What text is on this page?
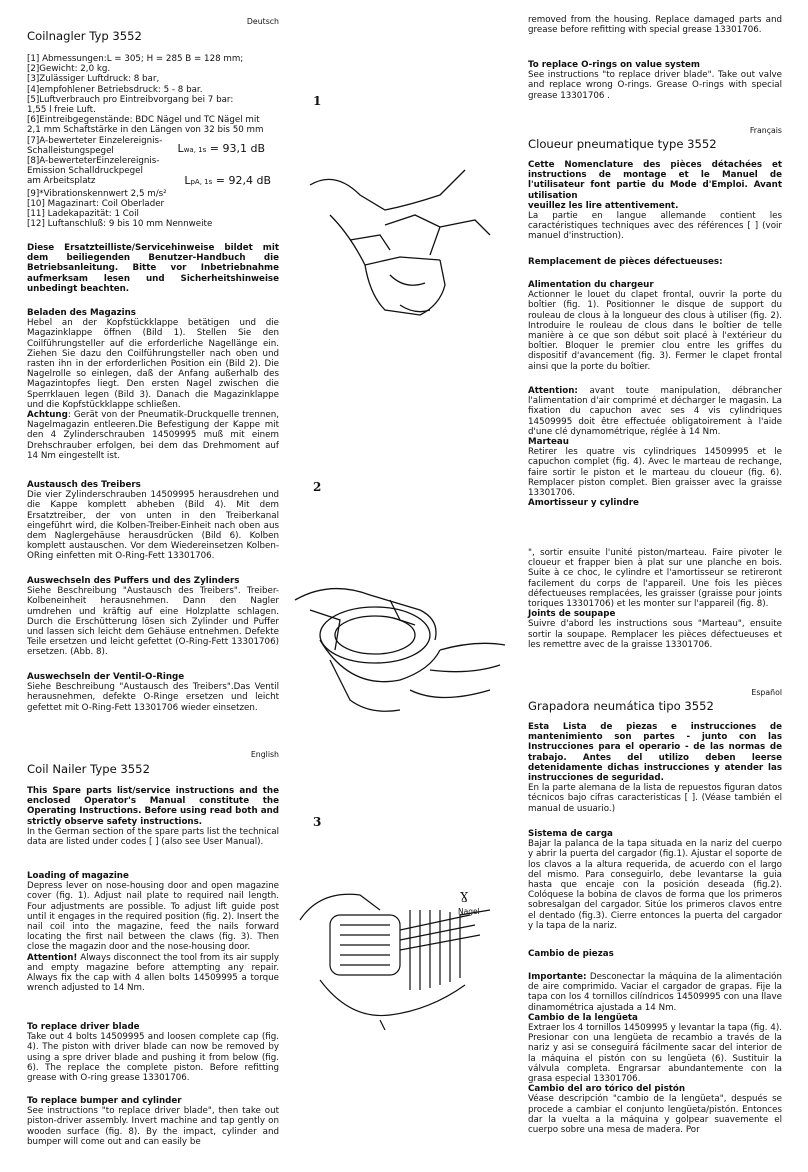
Deutsch

Coilnagler Typ 3552

[1] Abmessungen:L = 305; H = 285 B = 128 mm;
[2]Gewicht: 2,0 kg.
[3]Zulässiger Luftdruck: 8 bar,
[4]empfohlener Betriebsdruck: 5 - 8 bar.
[5]Luftverbrauch pro Eintreibvorgang bei 7 bar:
1,55 l freie Luft.
[6]Eintreibgegenstände: BDC Nägel und TC Nägel mit
2,1 mm Schaftstärke in den Längen von 32 bis 50 mm
[7]A-bewerteter Einzelereignis-
Schalleistungspegel	Lwa, 1s = 93,1 dB
[8]A-bewerteterEinzelereignis-
Emission Schalldruckpegel
am Arbeitsplatz	LpA, 1s = 92,4 dB
[9]*Vibrationskennwert 2,5 m/s²
[10] Magazinart: Coil Oberlader
[11] Ladekapazität: 1 Coil
[12] Luftanschluß: 9 bis 10 mm Nennweite

Diese Ersatzteilliste/Servicehinweise bildet mit dem beiliegenden Benutzer-Handbuch die Betriebsanleitung. Bitte vor Inbetriebnahme aufmerksam lesen und Sicherheitshinweise unbedingt beachten.

Beladen des Magazins

Hebel an der Kopfstückklappe betätigen und die Magazinklappe öffnen (Bild 1). Stellen Sie den Coilführungsteller auf die erforderliche Nagellänge ein. Ziehen Sie dazu den Coilführungsteller nach oben und rasten ihn in der erforderlichen Position ein (Bild 2). Die Nagelrolle so einlegen, daß der Anfang außerhalb des Magazintopfes liegt. Den ersten Nagel zwischen die Sperrklauen legen (Bild 3). Danach die Magazinklappe und die Kopfstückklappe schließen.

Achtung: Gerät von der Pneumatik-Druckquelle trennen, Nagelmagazin entleeren.Die Befestigung der Kappe mit den 4 Zylinderschrauben 14509995 muß mit einem Drehschrauber erfolgen, bei dem das Drehmoment auf 14 Nm eingestellt ist.

Austausch des Treibers

Die vier Zylinderschrauben 14509995 herausdrehen und die Kappe komplett abheben (Bild 4). Mit dem Ersatztreiber, der von unten in den Treiberkanal eingeführt wird, die Kolben-Treiber-Einheit nach oben aus dem Naglergehäuse herausdrücken (Bild 6). Kolben komplett austauschen. Vor dem Wiedereinsetzen Kolben-ORing einfetten mit O-Ring-Fett 13301706.

Auswechseln des Puffers und des Zylinders

Siehe Beschreibung "Austausch des Treibers". Treiber-Kolbeneinheit herausnehmen. Dann den Nagler umdrehen und kräftig auf eine Holzplatte schlagen. Durch die Erschütterung lösen sich Zylinder und Puffer und lassen sich leicht dem Gehäuse entnehmen. Defekte Teile ersetzen und leicht gefettet (O-Ring-Fett 13301706) ersetzen. (Abb. 8).

Auswechseln der Ventil-O-Ringe

Siehe Beschreibung "Austausch des Treibers".Das Ventil herausnehmen, defekte O-Ringe ersetzen und leicht gefettet mit O-Ring-Fett 13301706 wieder einsetzen.

English

Coil Nailer Type 3552

This Spare parts list/service instructions and the enclosed Operator's Manual constitute the Operating Instructions. Before using read both and strictly observe safety instructions.

In the German section of the spare parts list the technical data are listed under codes [ ] (also see User Manual).

Loading of magazine

Depress lever on nose-housing door and open magazine cover (fig. 1). Adjust nail plate to required nail length. Four adjustments are possible. To adjust lift guide post until it engages in the required position (fig. 2). Insert the nail coil into the magazine, feed the nails forward locating the first nail between the claws (fig. 3). Then close the magazin door and the nose-housing door.

Attention! Always disconnect the tool from its air supply and empty magazine before attempting any repair. Always fix the cap with 4 allen bolts 14509995 a torque wrench adjusted to 14 Nm.

To replace driver blade

Take out 4 bolts 14509995 and loosen complete cap (fig. 4). The piston with driver blade can now be removed by using a spre driver blade and pushing it from below (fig. 6). The replace the complete piston. Before refitting grease with O-ring grease 13301706.

To replace bumper and cylinder

See instructions "to replace driver blade", then take out piston-driver assembly. Invert machine and tap gently on wooden surface (fig. 8). By the impact, cylinder and bumper will come out and can easily be

1
2
3
Ɣ
Nagel

removed from the housing. Replace damaged parts and grease before refitting with special grease 13301706.

To replace O-rings on value system

See instructions "to replace driver blade". Take out valve and replace wrong O-rings. Grease O-rings with special grease 13301706 .

Français

Cloueur pneumatique type 3552

Cette Nomenclature des pièces détachées et instructions de montage et le Manuel de l'utilisateur font partie du Mode d'Emploi. Avant utilisation

veuillez les lire attentivement.

La partie en langue allemande contient les caractéristiques techniques avec des références [ ] (voir manuel d'instruction).

Remplacement de pièces défectueuses:

Alimentation du chargeur

Actionner le louet du clapet frontal, ouvrir la porte du boîtier (fig. 1). Positionner le disque de support du rouleau de clous à la longueur des clous à utiliser (fig. 2). Introduire le rouleau de clous dans le boîtier de telle manière à ce que son début soit placé à l'extérieur du boîtier. Bloquer le premier clou entre les griffes du dispositif d'avancement (fig. 3). Fermer le clapet frontal ainsi que la porte du boîtier.

Attention: avant toute manipulation, débrancher l'alimentation d'air comprimé et décharger le magasin. La fixation du capuchon avec ses 4 vis cylindriques 14509995 doit être effectuée obligatoirement à l'aide d'une clé dynamométrique, réglée à 14 Nm.

Marteau

Retirer les quatre vis cylindriques 14509995 et le capuchon complet (fig. 4). Avec le marteau de rechange, faire sortir le piston et le marteau du cloueur (fig. 6). Remplacer piston complet. Bien graisser avec la graisse 13301706.

Amortisseur y cylindre

", sortir ensuite l'unité piston/marteau. Faire pivoter le cloueur et frapper bien à plat sur une planche en bois. Suite à ce choc, le cylindre et l'amortisseur se retireront facilement du corps de l'appareil. Une fois les pièces défectueuses remplacées, les graisser (graisse pour joints toriques 13301706) et les monter sur l'appareil (fig. 8).

Joints de soupape

Suivre d'abord les instructions sous "Marteau", ensuite sortir la soupape. Remplacer les pièces défectueuses et les remettre avec de la graisse 13301706.

Español

Grapadora neumática tipo 3552

Esta Lista de piezas e instrucciones de mantenimiento son partes - junto con las Instrucciones para el operario - de las normas de trabajo. Antes del utilizo deben leerse detenidamente dichas instrucciones y atender las instrucciones de seguridad.

En la parte alemana de la lista de repuestos figuran datos técnicos bajo cifras caracteristicas [ ]. (Véase también el manual de usuario.)

Sistema de carga

Bajar la palanca de la tapa situada en la nariz del cuerpo y abrir la puerta del cargador (fig.1). Ajustar el soporte de los clavos a la altura requerida, de acuerdo con el largo del mismo. Para conseguirlo, debe levantarse la guia hasta que encaje con la posición deseada (fig.2). Colóquese la bobina de clavos de forma que los primeros sobresalgan del cargador. Sitúe los primeros clavos entre el dentado (fig.3). Cierre entonces la puerta del cargador y la tapa de la nariz.

Cambio de piezas

Importante: Desconectar la máquina de la alimentación de aire comprimido. Vaciar el cargador de grapas. Fije la tapa con los 4 tornillos cilíndricos 14509995 con una llave dinamométrica ajustada a 14 Nm.

Cambio de la lengüeta

Extraer los 4 tornillos 14509995 y levantar la tapa (fig. 4). Presionar con una lengüeta de recambio a través de la nariz y asi se conseguirá fácilmente sacar del interior de la máquina el pistón con su lengüeta (6). Sustituir la válvula completa. Engrarsar abundantemente con la grasa especial 13301706.

Cambio del aro tórico del pistón

Véase descripción "cambio de la lengüeta", después se procede a cambiar el conjunto lengüeta/pistón. Entonces dar la vuelta a la máquina y golpear suavemente el cuerpo sobre una mesa de madera. Por
